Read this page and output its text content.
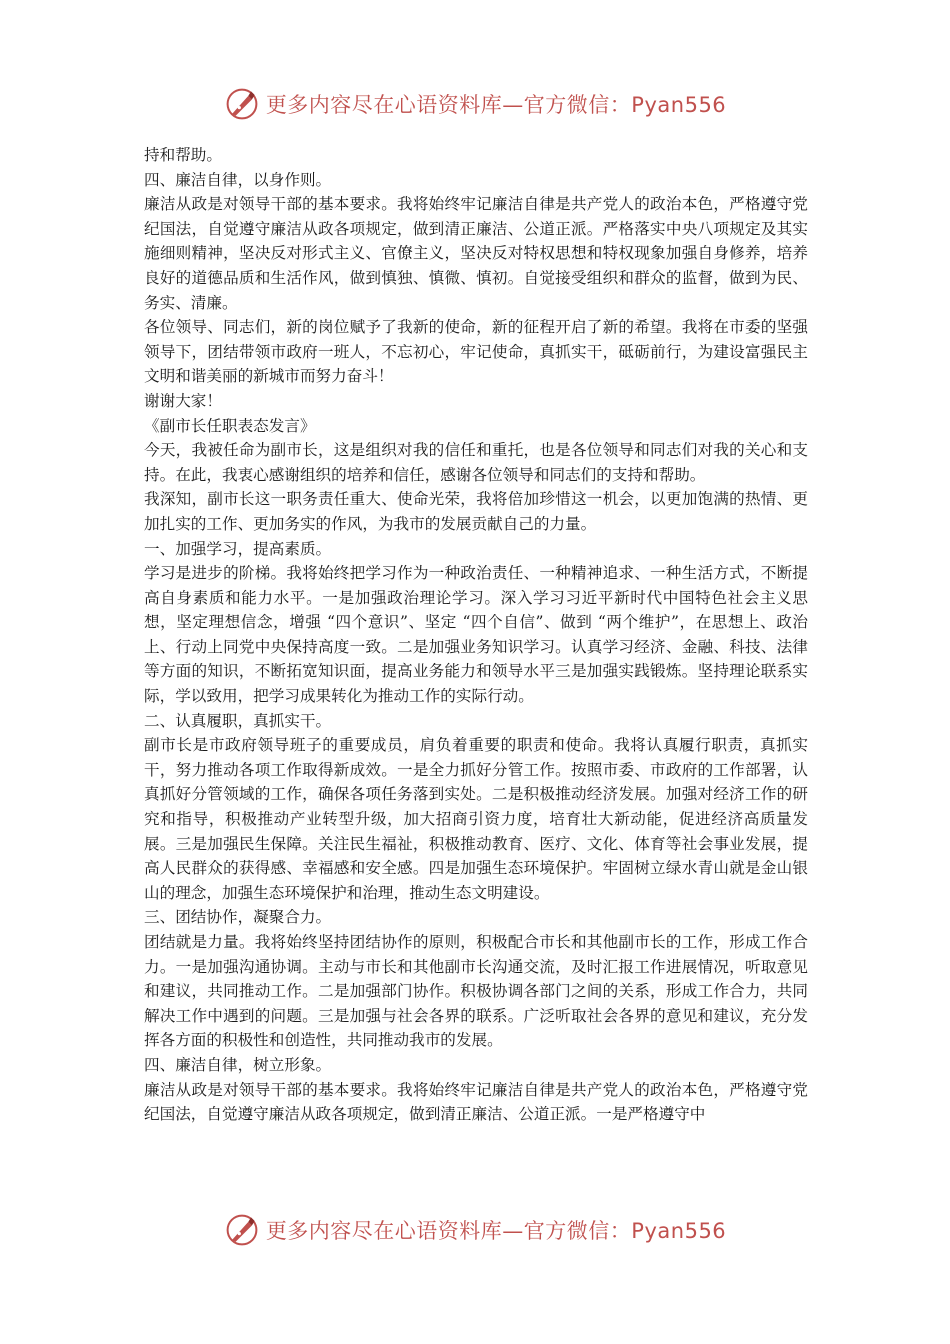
更多内容尽在心语资料库—官方微信：Pyan556

持和帮助。

四、廉洁自律，以身作则。

廉洁从政是对领导干部的基本要求。我将始终牢记廉洁自律是共产党人的政治本色，严格遵守党纪国法，自觉遵守廉洁从政各项规定，做到清正廉洁、公道正派。严格落实中央八项规定及其实施细则精神，坚决反对形式主义、官僚主义，坚决反对特权思想和特权现象加强自身修养，培养良好的道德品质和生活作风，做到慎独、慎微、慎初。自觉接受组织和群众的监督，做到为民、务实、清廉。

各位领导、同志们，新的岗位赋予了我新的使命，新的征程开启了新的希望。我将在市委的坚强领导下，团结带领市政府一班人，不忘初心，牢记使命，真抓实干，砥砺前行，为建设富强民主文明和谐美丽的新城市而努力奋斗！

谢谢大家！

《副市长任职表态发言》

今天，我被任命为副市长，这是组织对我的信任和重托，也是各位领导和同志们对我的关心和支持。在此，我衷心感谢组织的培养和信任，感谢各位领导和同志们的支持和帮助。

我深知，副市长这一职务责任重大、使命光荣，我将倍加珍惜这一机会，以更加饱满的热情、更加扎实的工作、更加务实的作风，为我市的发展贡献自己的力量。

一、加强学习，提高素质。

学习是进步的阶梯。我将始终把学习作为一种政治责任、一种精神追求、一种生活方式，不断提高自身素质和能力水平。一是加强政治理论学习。深入学习习近平新时代中国特色社会主义思想，坚定理想信念，增强 “四个意识”、坚定 “四个自信”、做到 “两个维护”，在思想上、政治上、行动上同党中央保持高度一致。二是加强业务知识学习。认真学习经济、金融、科技、法律等方面的知识，不断拓宽知识面，提高业务能力和领导水平三是加强实践锻炼。坚持理论联系实际，学以致用，把学习成果转化为推动工作的实际行动。

二、认真履职，真抓实干。

副市长是市政府领导班子的重要成员，肩负着重要的职责和使命。我将认真履行职责，真抓实干，努力推动各项工作取得新成效。一是全力抓好分管工作。按照市委、市政府的工作部署，认真抓好分管领域的工作，确保各项任务落到实处。二是积极推动经济发展。加强对经济工作的研究和指导，积极推动产业转型升级，加大招商引资力度，培育壮大新动能，促进经济高质量发展。三是加强民生保障。关注民生福祉，积极推动教育、医疗、文化、体育等社会事业发展，提高人民群众的获得感、幸福感和安全感。四是加强生态环境保护。牢固树立绿水青山就是金山银山的理念，加强生态环境保护和治理，推动生态文明建设。

三、团结协作，凝聚合力。

团结就是力量。我将始终坚持团结协作的原则，积极配合市长和其他副市长的工作，形成工作合力。一是加强沟通协调。主动与市长和其他副市长沟通交流，及时汇报工作进展情况，听取意见和建议，共同推动工作。二是加强部门协作。积极协调各部门之间的关系，形成工作合力，共同解决工作中遇到的问题。三是加强与社会各界的联系。广泛听取社会各界的意见和建议，充分发挥各方面的积极性和创造性，共同推动我市的发展。

四、廉洁自律，树立形象。

廉洁从政是对领导干部的基本要求。我将始终牢记廉洁自律是共产党人的政治本色，严格遵守党纪国法，自觉遵守廉洁从政各项规定，做到清正廉洁、公道正派。一是严格遵守中

更多内容尽在心语资料库—官方微信：Pyan556
